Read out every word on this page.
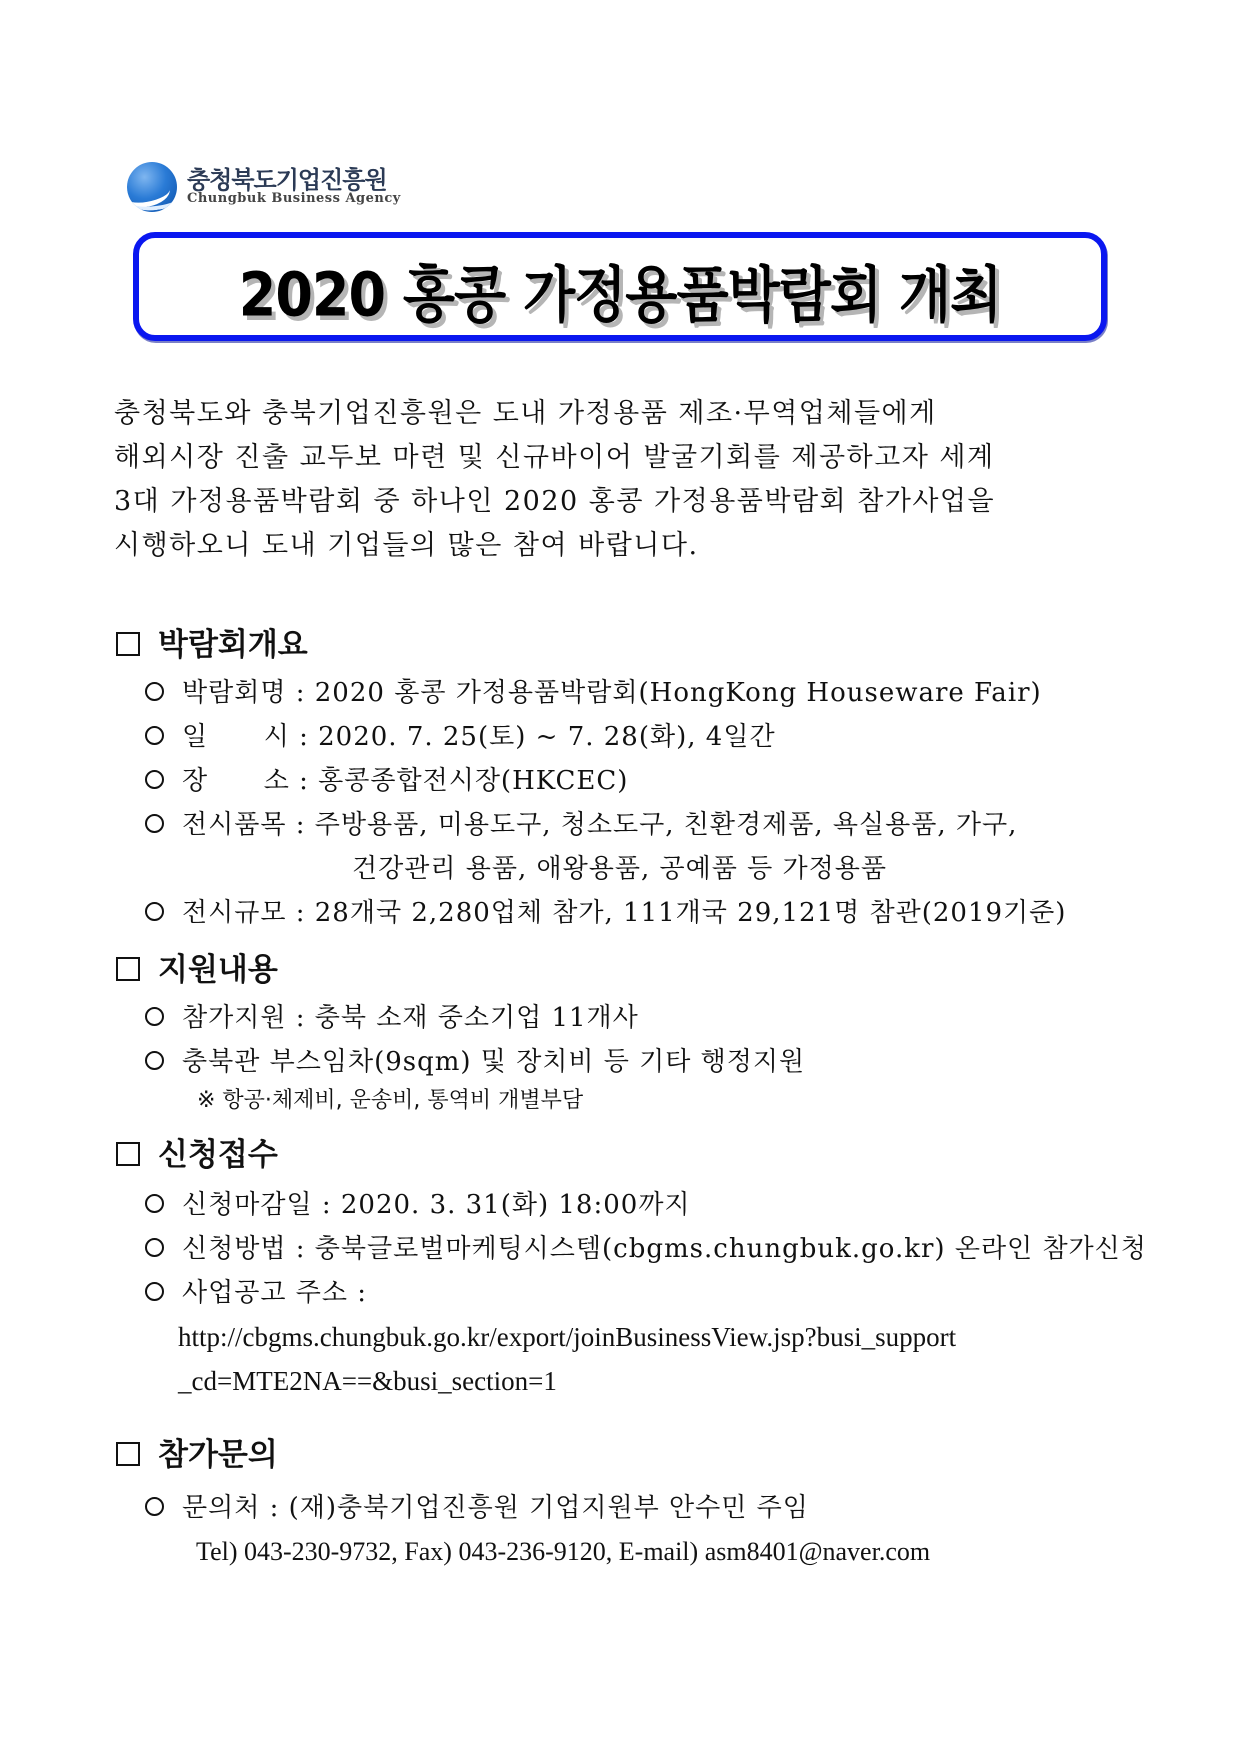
충청북도기업진흥원
Chungbuk Business Agency
2020 홍콩 가정용품박람회 개최
충청북도와 충북기업진흥원은 도내 가정용품 제조·무역업체들에게
해외시장 진출 교두보 마련 및 신규바이어 발굴기회를 제공하고자 세계
3대 가정용품박람회 중 하나인 2020 홍콩 가정용품박람회 참가사업을
시행하오니 도내 기업들의 많은 참여 바랍니다.
박람회개요
박람회명 : 2020 홍콩 가정용품박람회(HongKong Houseware Fair)
일      시 : 2020. 7. 25(토) ~ 7. 28(화), 4일간
장      소 : 홍콩종합전시장(HKCEC)
전시품목 : 주방용품, 미용도구, 청소도구, 친환경제품, 욕실용품, 가구,
건강관리 용품, 애왕용품, 공예품 등 가정용품
전시규모 : 28개국 2,280업체 참가, 111개국 29,121명 참관(2019기준)
지원내용
참가지원 : 충북 소재 중소기업 11개사
충북관 부스임차(9sqm) 및 장치비 등 기타 행정지원
※ 항공·체제비, 운송비, 통역비 개별부담
신청접수
신청마감일 : 2020. 3. 31(화) 18:00까지
신청방법 : 충북글로벌마케팅시스템(cbgms.chungbuk.go.kr) 온라인 참가신청
사업공고 주소 :
http://cbgms.chungbuk.go.kr/export/joinBusinessView.jsp?busi_support
_cd=MTE2NA==&busi_section=1
참가문의
문의처 : (재)충북기업진흥원 기업지원부 안수민 주임
Tel) 043-230-9732, Fax) 043-236-9120, E-mail) asm8401@naver.com
